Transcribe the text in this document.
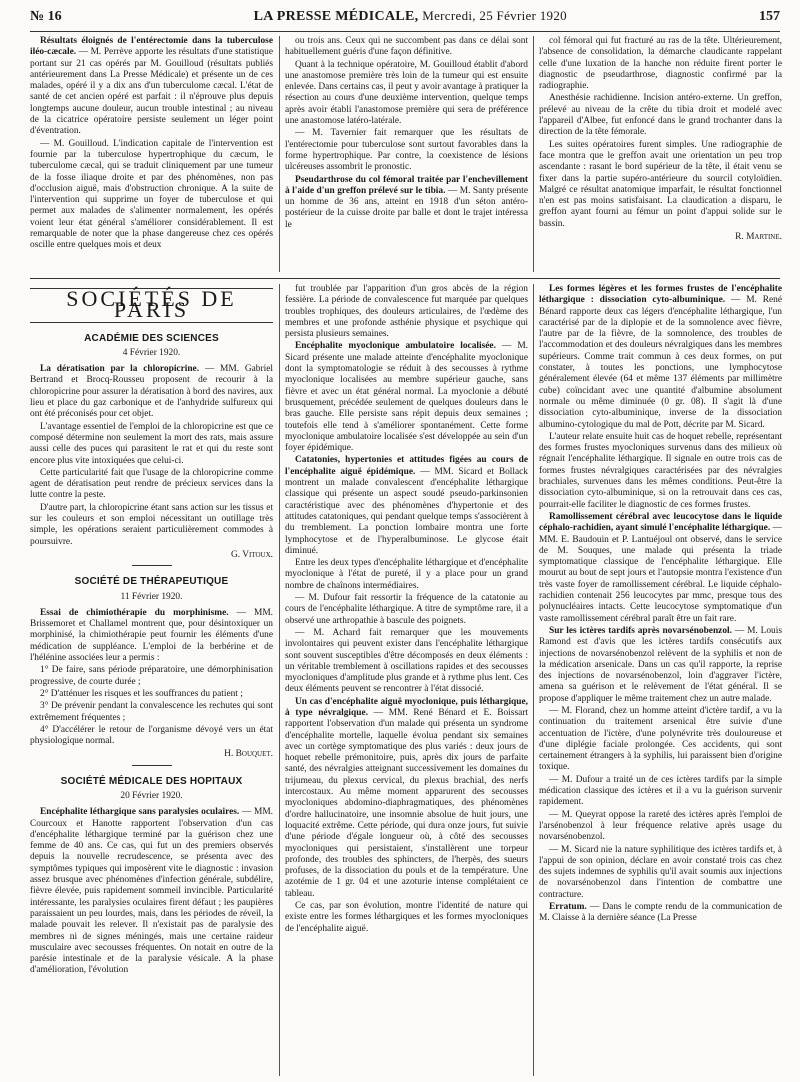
№ 16	LA PRESSE MÉDICALE, Mercredi, 25 Février 1920	157

Résultats éloignés de l'entérectomie dans la tuberculose iléo-cæcale. — M. Perrève apporte les résultats d'une statistique portant sur 21 cas opérés par M. Gouilloud (résultats publiés antérieurement dans La Presse Médicale) et présente un de ces malades, opéré il y a dix ans d'un tuberculome cæcal. L'état de santé de cet ancien opéré est parfait : il n'éprouve plus depuis longtemps aucune douleur, aucun trouble intestinal ; au niveau de la cicatrice opératoire persiste seulement un léger point d'éventration.

— M. Gouilloud. L'indication capitale de l'intervention est fournie par la tuberculose hypertrophique du cæcum, le tuberculome cæcal, qui se traduit cliniquement par une tumeur de la fosse iliaque droite et par des phénomènes, non pas d'occlusion aiguë, mais d'obstruction chronique. A la suite de l'intervention qui supprime un foyer de tuberculose et qui permet aux malades de s'alimenter normalement, les opérés voient leur état général s'améliorer considérablement. Il est remarquable de noter que la phase dangereuse chez ces opérés oscille entre quelques mois et deux

ou trois ans. Ceux qui ne succombent pas dans ce délai sont habituellement guéris d'une façon définitive.

Quant à la technique opératoire, M. Gouilloud établit d'abord une anastomose première très loin de la tumeur qui est ensuite enlevée. Dans certains cas, il peut y avoir avantage à pratiquer la résection au cours d'une deuxième intervention, quelque temps après avoir établi l'anastomose première qui sera de préférence une anastomose latéro-latérale.

— M. Tavernier fait remarquer que les résultats de l'entérectomie pour tuberculose sont surtout favorables dans la forme hypertrophique. Par contre, la coexistence de lésions ulcéreuses assombrit le pronostic.

Pseudarthrose du col fémoral traitée par l'enchevillement à l'aide d'un greffon prélevé sur le tibia. — M. Santy présente un homme de 36 ans, atteint en 1918 d'un séton antéro-postérieur de la cuisse droite par balle et dont le trajet intéressa le

col fémoral qui fut fracturé au ras de la tête. Ultérieurement, l'absence de consolidation, la démarche claudicante rappelant celle d'une luxation de la hanche non réduite firent porter le diagnostic de pseudarthrose, diagnostic confirmé par la radiographie.

Anesthésie rachidienne. Incision antéro-externe. Un greffon, prélevé au niveau de la crête du tibia droit et modelé avec l'appareil d'Albee, fut enfoncé dans le grand trochanter dans la direction de la tête fémorale.

Les suites opératoires furent simples. Une radiographie de face montra que le greffon avait une orientation un peu trop ascendante : rasant le bord supérieur de la tête, il était venu se fixer dans la partie supéro-antérieure du sourcil cotyloïdien. Malgré ce résultat anatomique imparfait, le résultat fonctionnel n'en est pas moins satisfaisant. La claudication a disparu, le greffon ayant fourni au fémur un point d'appui solide sur le bassin.

R. Martine.

SOCIÉTÉS DE PARIS
ACADÉMIE DES SCIENCES
4 Février 1920.

La dératisation par la chloropicrine. — MM. Gabriel Bertrand et Brocq-Rousseu proposent de recourir à la chloropicrine pour assurer la dératisation à bord des navires, aux lieu et place du gaz carbonique et de l'anhydride sulfureux qui ont été préconisés pour cet objet.

L'avantage essentiel de l'emploi de la chloropicrine est que ce composé détermine non seulement la mort des rats, mais assure aussi celle des puces qui parasitent le rat et qui du reste sont encore plus vite intoxiquées que celui-ci.

Cette particularité fait que l'usage de la chloropicrine comme agent de dératisation peut rendre de précieux services dans la lutte contre la peste.

D'autre part, la chloropicrine étant sans action sur les tissus et sur les couleurs et son emploi nécessitant un outillage très simple, les opérations seraient particulièrement commodes à poursuivre.

G. Vitoux.

SOCIÉTÉ DE THÉRAPEUTIQUE
11 Février 1920.

Essai de chimiothérapie du morphinisme. — MM. Brissemoret et Challamel montrent que, pour désintoxiquer un morphinisé, la chimiothérapie peut fournir les éléments d'une médication de suppléance. L'emploi de la berbérine et de l'hélénine associées leur a permis :

1° De faire, sans période préparatoire, une démorphinisation progressive, de courte durée ;

2° D'atténuer les risques et les souffrances du patient ;

3° De prévenir pendant la convalescence les rechutes qui sont extrêmement fréquentes ;

4° D'accélérer le retour de l'organisme dévoyé vers un état physiologique normal.

H. Bouquet.

SOCIÉTÉ MÉDICALE DES HOPITAUX
20 Février 1920.

Encéphalite léthargique sans paralysies oculaires. — MM. Courcoux et Hanotte rapportent l'observation d'un cas d'encéphalite léthargique terminé par la guérison chez une femme de 40 ans. Ce cas, qui fut un des premiers observés depuis la nouvelle recrudescence, se présenta avec des symptômes typiques qui imposèrent vite le diagnostic : invasion assez brusque avec phénomènes d'infection générale, subdélire, fièvre élevée, puis rapidement sommeil invincible. Particularité intéressante, les paralysies oculaires firent défaut ; les paupières paraissaient un peu lourdes, mais, dans les périodes de réveil, la malade pouvait les relever. Il n'existait pas de paralysie des membres ni de signes méningés, mais une certaine raideur musculaire avec secousses fréquentes. On notait en outre de la parésie intestinale et de la paralysie vésicale. A la phase d'amélioration, l'évolution

fut troublée par l'apparition d'un gros abcès de la région fessière. La période de convalescence fut marquée par quelques troubles trophiques, des douleurs articulaires, de l'œdème des membres et une profonde asthénie physique et psychique qui persista plusieurs semaines.

Encéphalite myoclonique ambulatoire localisée. — M. Sicard présente une malade atteinte d'encéphalite myoclonique dont la symptomatologie se réduit à des secousses à rythme myoclonique localisées au membre supérieur gauche, sans fièvre et avec un état général normal. La myoclonie a débuté brusquement, précédée seulement de quelques douleurs dans le bras gauche. Elle persiste sans répit depuis deux semaines ; toutefois elle tend à s'améliorer spontanément. Cette forme myoclonique ambulatoire localisée s'est développée au sein d'un foyer épidémique.

Catatonies, hypertonies et attitudes figées au cours de l'encéphalite aiguë épidémique. — MM. Sicard et Bollack montrent un malade convalescent d'encéphalite léthargique classique qui présente un aspect soudé pseudo-parkinsonien caractéristique avec des phénomènes d'hypertonie et des attitudes catatoniques, qui pendant quelque temps s'associèrent à du tremblement. La ponction lombaire montra une forte lymphocytose et de l'hyperalbuminose. Le glycose était diminué.

Entre les deux types d'encéphalite léthargique et d'encéphalite myoclonique à l'état de pureté, il y a place pour un grand nombre de chaînons intermédiaires.

— M. Dufour fait ressortir la fréquence de la catatonie au cours de l'encéphalite léthargique. A titre de symptôme rare, il a observé une arthropathie à bascule des poignets.

— M. Achard fait remarquer que les mouvements involontaires qui peuvent exister dans l'encéphalite léthargique sont souvent susceptibles d'être décomposés en deux éléments : un véritable tremblement à oscillations rapides et des secousses myocloniques d'amplitude plus grande et à rythme plus lent. Ces deux éléments peuvent se rencontrer à l'état dissocié.

Un cas d'encéphalite aiguë myoclonique, puis léthargique, à type névralgique. — MM. René Bénard et E. Boissart rapportent l'observation d'un malade qui présenta un syndrome d'encéphalite mortelle, laquelle évolua pendant six semaines avec un cortège symptomatique des plus variés : deux jours de hoquet rebelle prémonitoire, puis, après dix jours de parfaite santé, des névralgies atteignant successivement les domaines du trijumeau, du plexus cervical, du plexus brachial, des nerfs intercostaux. Au même moment apparurent des secousses myocloniques abdomino-diaphragmatiques, des phénomènes d'ordre hallucinatoire, une insomnie absolue de huit jours, une loquacité extrême. Cette période, qui dura onze jours, fut suivie d'une période d'égale longueur où, à côté des secousses myocloniques qui persistaient, s'installèrent une torpeur profonde, des troubles des sphincters, de l'herpès, des sueurs profuses, de la dissociation du pouls et de la température. Une azotémie de 1 gr. 04 et une azoturie intense complétaient ce tableau.

Ce cas, par son évolution, montre l'identité de nature qui existe entre les formes léthargiques et les formes myocloniques de l'encéphalite aiguë.

Les formes légères et les formes frustes de l'encéphalite léthargique : dissociation cyto-albuminique. — M. René Bénard rapporte deux cas légers d'encéphalite léthargique, l'un caractérisé par de la diplopie et de la somnolence avec fièvre, l'autre par de la fièvre, de la somnolence, des troubles de l'accommodation et des douleurs névralgiques dans les membres supérieurs. Comme trait commun à ces deux formes, on put constater, à toutes les ponctions, une lymphocytose généralement élevée (64 et même 137 éléments par millimètre cube) coïncidant avec une quantité d'albumine absolument normale ou même diminuée (0 gr. 08). Il s'agit là d'une dissociation cyto-albuminique, inverse de la dissociation albumino-cytologique du mal de Pott, décrite par M. Sicard.

L'auteur relate ensuite huit cas de hoquet rebelle, représentant des formes frustes myocloniques survenus dans des milieux où régnait l'encéphalite léthargique. Il signale en outre trois cas de formes frustes névralgiques caractérisées par des névralgies brachiales, survenues dans les mêmes conditions. Peut-être la dissociation cyto-albuminique, si on la retrouvait dans ces cas, pourrait-elle faciliter le diagnostic de ces formes frustes.

Ramollissement cérébral avec leucocytose dans le liquide céphalo-rachidien, ayant simulé l'encéphalite léthargique. — MM. E. Baudouin et P. Lantuéjoul ont observé, dans le service de M. Souques, une malade qui présenta la triade symptomatique classique de l'encéphalite léthargique. Elle mourut au bout de sept jours et l'autopsie montra l'existence d'un très vaste foyer de ramollissement cérébral. Le liquide céphalo-rachidien contenait 256 leucocytes par mmc, presque tous des polynucléaires intacts. Cette leucocytose symptomatique d'un vaste ramollissement cérébral paraît être un fait rare.

Sur les ictères tardifs après novarsénobenzol. — M. Louis Ramond est d'avis que les ictères tardifs consécutifs aux injections de novarsénobenzol relèvent de la syphilis et non de la médication arsenicale. Dans un cas qu'il rapporte, la reprise des injections de novarsénobenzol, loin d'aggraver l'ictère, amena sa guérison et le relèvement de l'état général. Il se propose d'appliquer le même traitement chez un autre malade.

— M. Florand, chez un homme atteint d'ictère tardif, a vu la continuation du traitement arsenical être suivie d'une accentuation de l'ictère, d'une polynévrite très douloureuse et d'une diplégie faciale prolongée. Ces accidents, qui sont certainement étrangers à la syphilis, lui paraissent bien d'origine toxique.

— M. Dufour a traité un de ces ictères tardifs par la simple médication classique des ictères et il a vu la guérison survenir rapidement.

— M. Queyrat oppose la rareté des ictères après l'emploi de l'arsénobenzol à leur fréquence relative après usage du novarsénobenzol.

— M. Sicard nie la nature syphilitique des ictères tardifs et, à l'appui de son opinion, déclare en avoir constaté trois cas chez des sujets indemnes de syphilis qu'il avait soumis aux injections de novarsénobenzol dans l'intention de combattre une contracture.

Erratum. — Dans le compte rendu de la communication de M. Claisse à la dernière séance (La Presse
